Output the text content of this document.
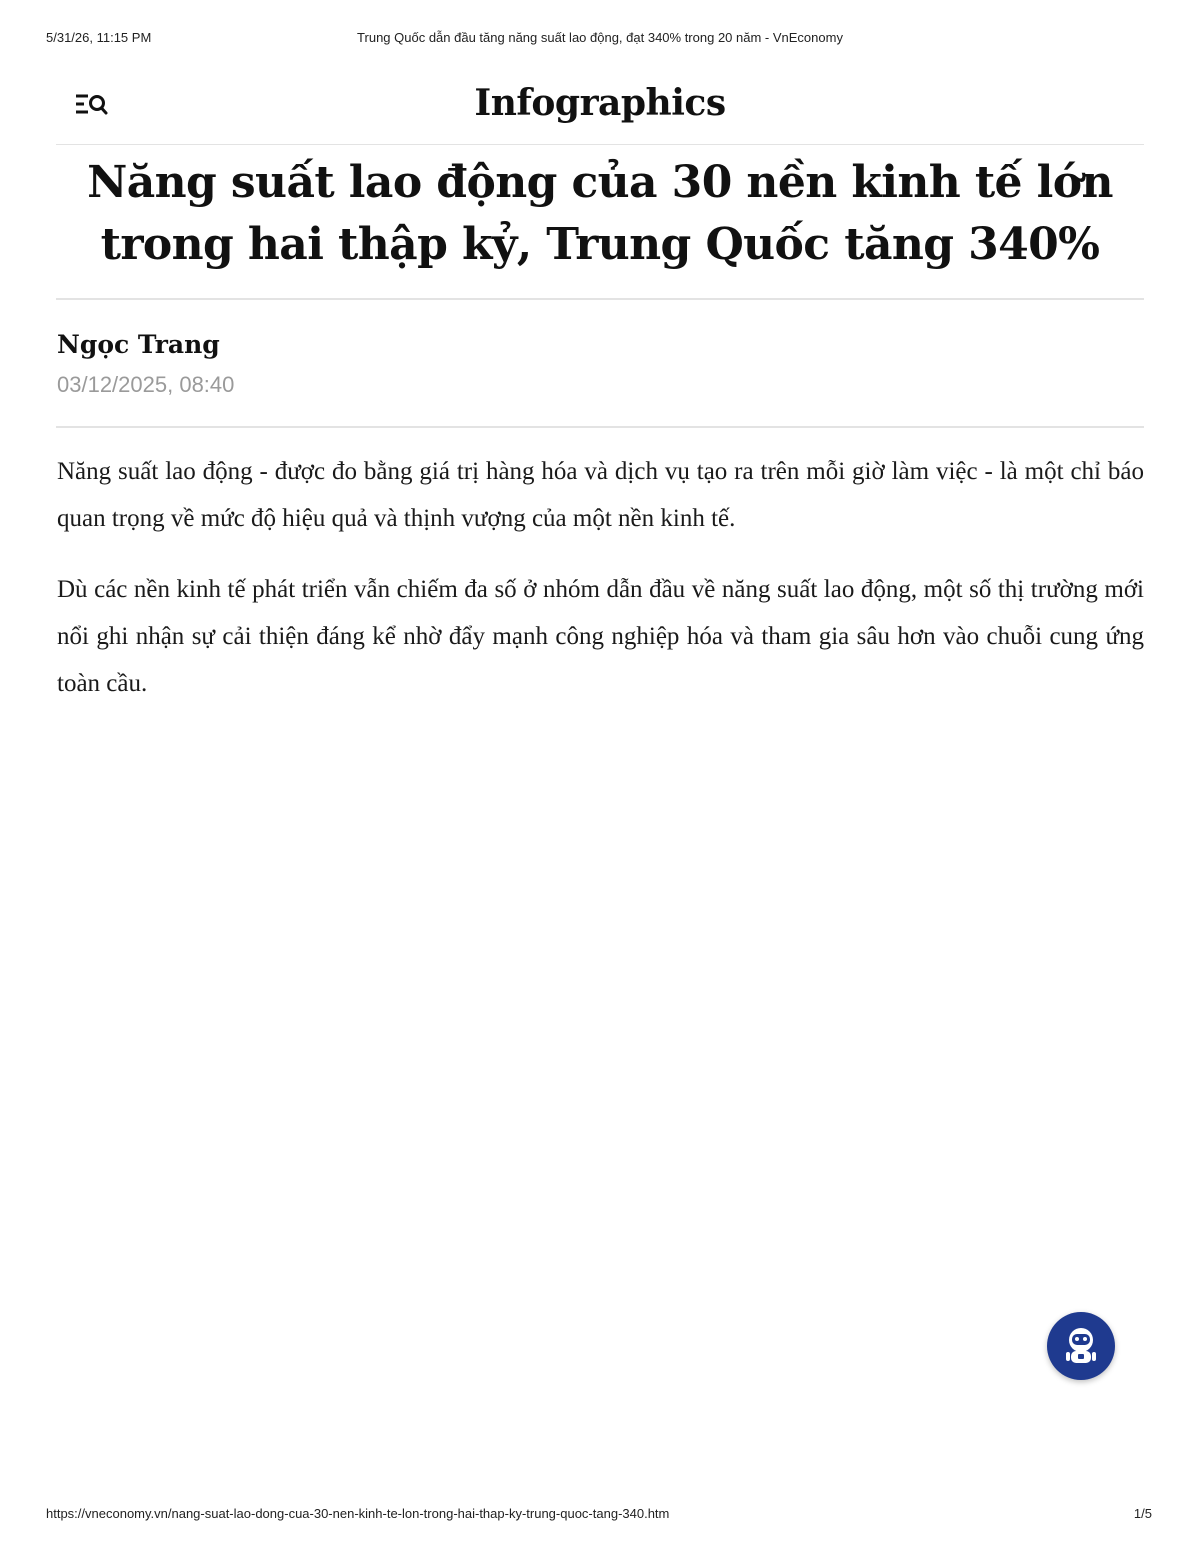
5/31/26, 11:15 PM	Trung Quốc dẫn đầu tăng năng suất lao động, đạt 340% trong 20 năm - VnEconomy
Infographics
Năng suất lao động của 30 nền kinh tế lớn trong hai thập kỷ, Trung Quốc tăng 340%
Ngọc Trang
03/12/2025, 08:40

Năng suất lao động - được đo bằng giá trị hàng hóa và dịch vụ tạo ra trên mỗi giờ làm việc - là một chỉ báo quan trọng về mức độ hiệu quả và thịnh vượng của một nền kinh tế.

Dù các nền kinh tế phát triển vẫn chiếm đa số ở nhóm dẫn đầu về năng suất lao động, một số thị trường mới nổi ghi nhận sự cải thiện đáng kể nhờ đẩy mạnh công nghiệp hóa và tham gia sâu hơn vào chuỗi cung ứng toàn cầu.

https://vneconomy.vn/nang-suat-lao-dong-cua-30-nen-kinh-te-lon-trong-hai-thap-ky-trung-quoc-tang-340.htm	1/5
